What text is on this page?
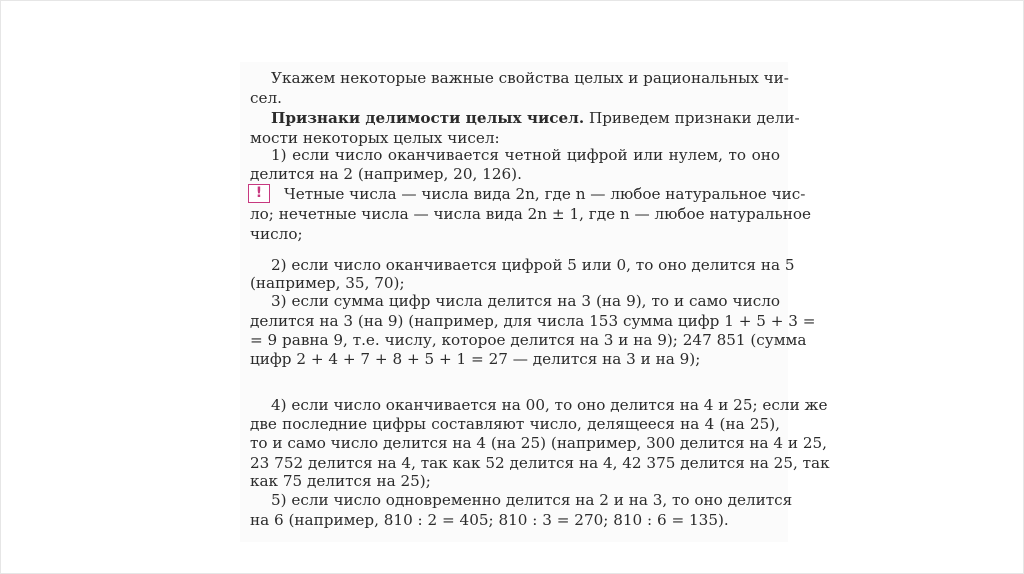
Укажем некоторые важные свойства целых и рациональных чи-
сел.
Признаки делимости целых чисел. Приведем признаки дели-
мости некоторых целых чисел:
1) если число оканчивается четной цифрой или нулем, то оно
делится на 2 (например, 20, 126).
!	Четные числа — числа вида 2n, где n — любое натуральное чис-
ло; нечетные числа — числа вида 2n ± 1, где n — любое натуральное
число;
2) если число оканчивается цифрой 5 или 0, то оно делится на 5
(например, 35, 70);
3) если сумма цифр числа делится на 3 (на 9), то и само число
делится на 3 (на 9) (например, для числа 153 сумма цифр 1 + 5 + 3 =
= 9 равна 9, т.е. числу, которое делится на 3 и на 9); 247 851 (сумма
цифр 2 + 4 + 7 + 8 + 5 + 1 = 27 — делится на 3 и на 9);
4) если число оканчивается на 00, то оно делится на 4 и 25; если же
две последние цифры составляют число, делящееся на 4 (на 25),
то и само число делится на 4 (на 25) (например, 300 делится на 4 и 25,
23 752 делится на 4, так как 52 делится на 4, 42 375 делится на 25, так
как 75 делится на 25);
5) если число одновременно делится на 2 и на 3, то оно делится
на 6 (например, 810 : 2 = 405; 810 : 3 = 270; 810 : 6 = 135).
